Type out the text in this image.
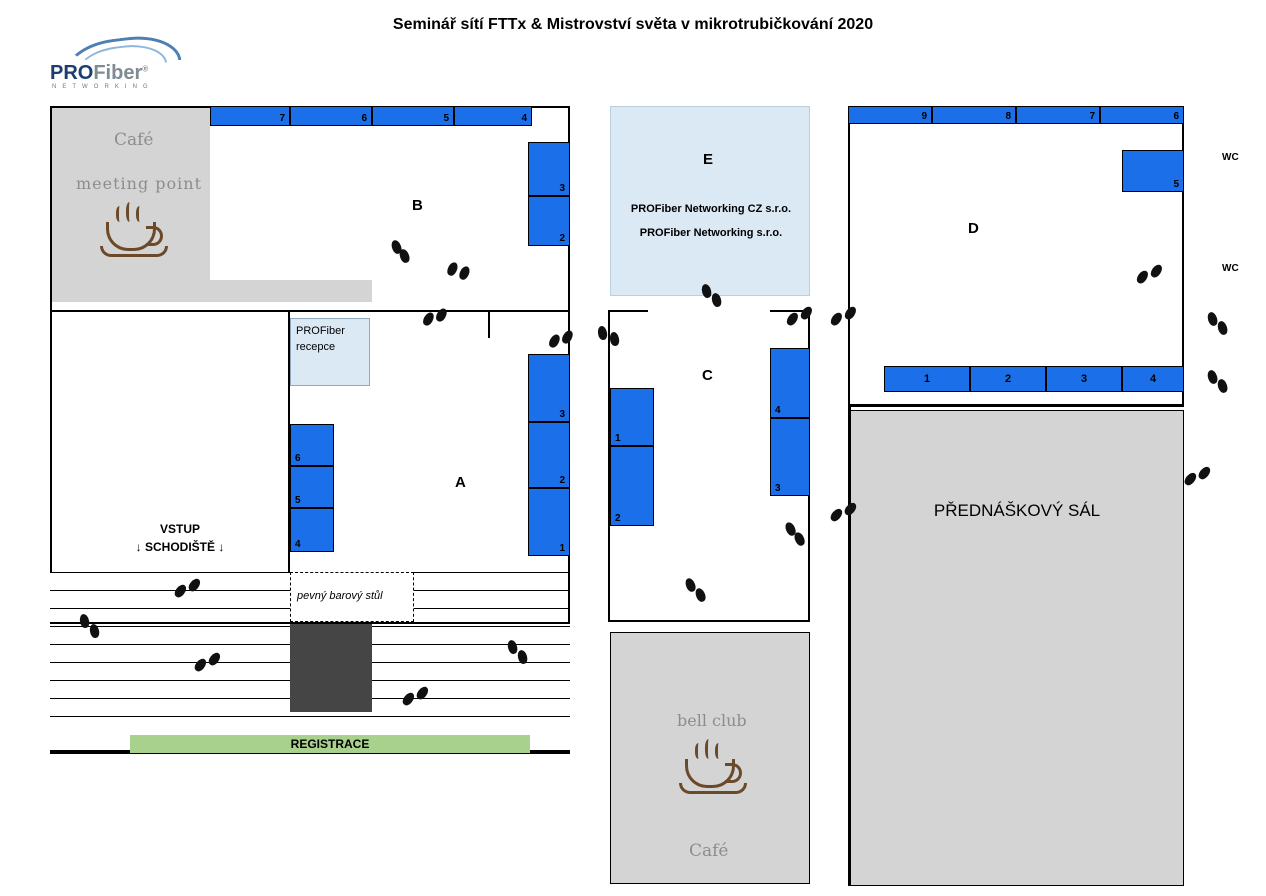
Seminář sítí FTTx & Mistrovství světa v mikrotrubičkování 2020
PROFiber®
N E T W O R K I N G
Café
meeting point
7	6	5	4
3
2
B
PROFiber
recepce
6
5
4
3
2
1
A
VSTUP
↓ SCHODIŠTĚ ↓
pevný barový stůl
REGISTRACE
E
PROFiber Networking CZ s.r.o.
PROFiber Networking s.r.o.
1
2
4
3
C
bell club
Café
9	8	7	6
5
D
1	2	3	4
WC
WC
PŘEDNÁŠKOVÝ SÁL
